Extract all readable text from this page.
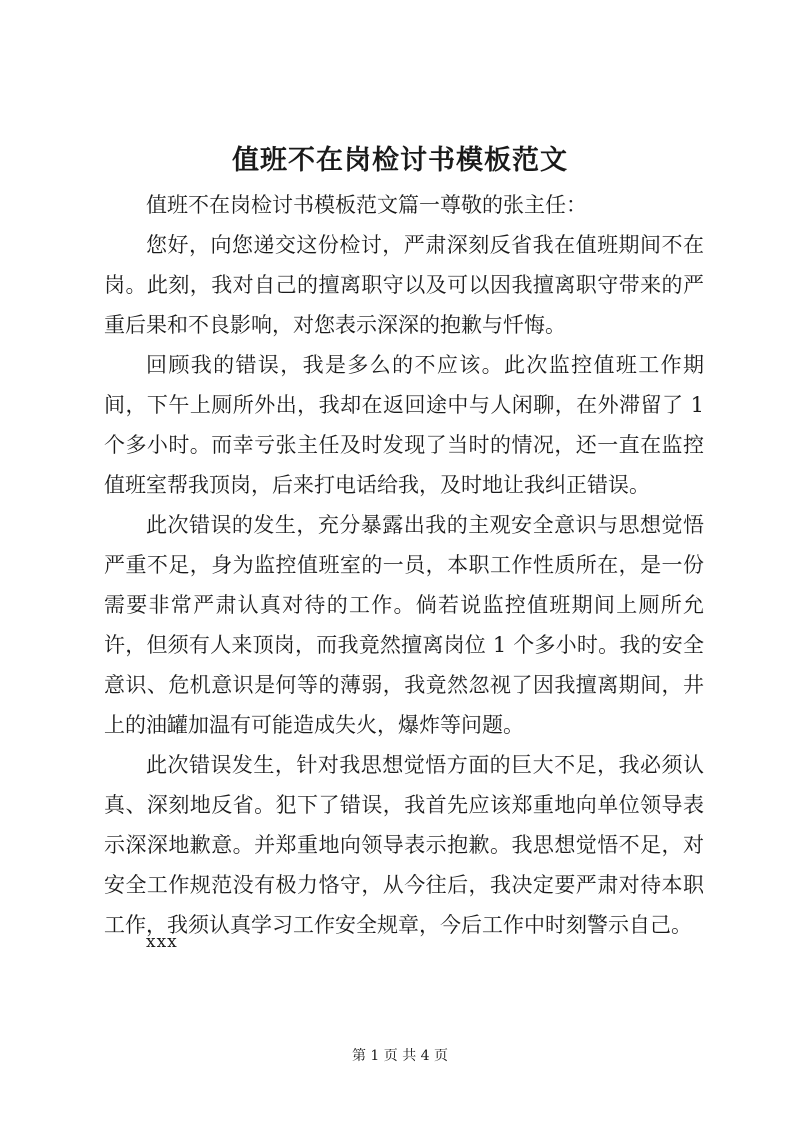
值班不在岗检讨书模板范文

值班不在岗检讨书模板范文篇一尊敬的张主任：

您好，向您递交这份检讨，严肃深刻反省我在值班期间不在岗。此刻，我对自己的擅离职守以及可以因我擅离职守带来的严重后果和不良影响，对您表示深深的抱歉与忏悔。

回顾我的错误，我是多么的不应该。此次监控值班工作期间，下午上厕所外出，我却在返回途中与人闲聊，在外滞留了 1 个多小时。而幸亏张主任及时发现了当时的情况，还一直在监控值班室帮我顶岗，后来打电话给我，及时地让我纠正错误。

此次错误的发生，充分暴露出我的主观安全意识与思想觉悟严重不足，身为监控值班室的一员，本职工作性质所在，是一份需要非常严肃认真对待的工作。倘若说监控值班期间上厕所允许，但须有人来顶岗，而我竟然擅离岗位 1 个多小时。我的安全意识、危机意识是何等的薄弱，我竟然忽视了因我擅离期间，井上的油罐加温有可能造成失火，爆炸等问题。

此次错误发生，针对我思想觉悟方面的巨大不足，我必须认真、深刻地反省。犯下了错误，我首先应该郑重地向单位领导表示深深地歉意。并郑重地向领导表示抱歉。我思想觉悟不足，对安全工作规范没有极力恪守，从今往后，我决定要严肃对待本职工作，我须认真学习工作安全规章，今后工作中时刻警示自己。

xxx
第 1 页 共 4 页
